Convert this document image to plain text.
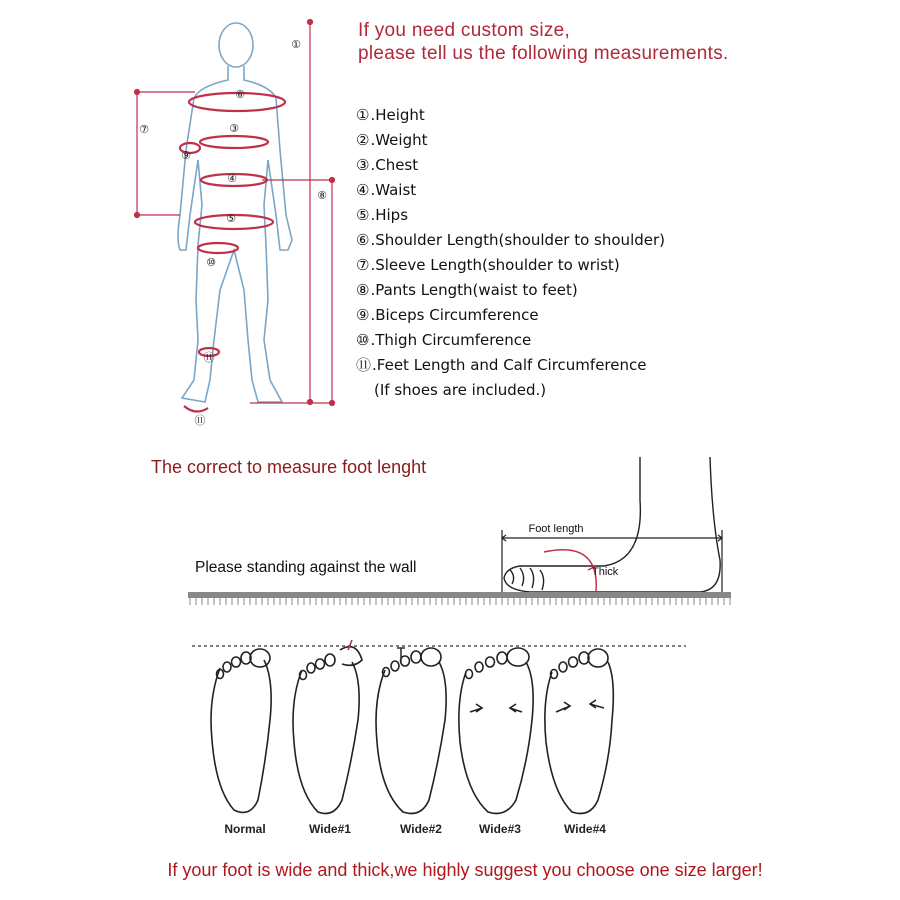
①
⑦
⑥
③
⑨
④
⑧
⑤
⑩
⑪
⑪
Foot length
Thick
If you need custom size,
please tell us the following measurements.
①.Height
②.Weight
③.Chest
④.Waist
⑤.Hips
⑥.Shoulder Length(shoulder to shoulder)
⑦.Sleeve Length(shoulder to wrist)
⑧.Pants Length(waist to feet)
⑨.Biceps Circumference
⑩.Thigh Circumference
⑪.Feet Length and Calf Circumference
(If shoes are included.)
The correct to measure foot lenght
Please standing against the wall
Normal	Wide#1	Wide#2	Wide#3	Wide#4
If your foot is wide and thick,we highly suggest you choose one size larger!
